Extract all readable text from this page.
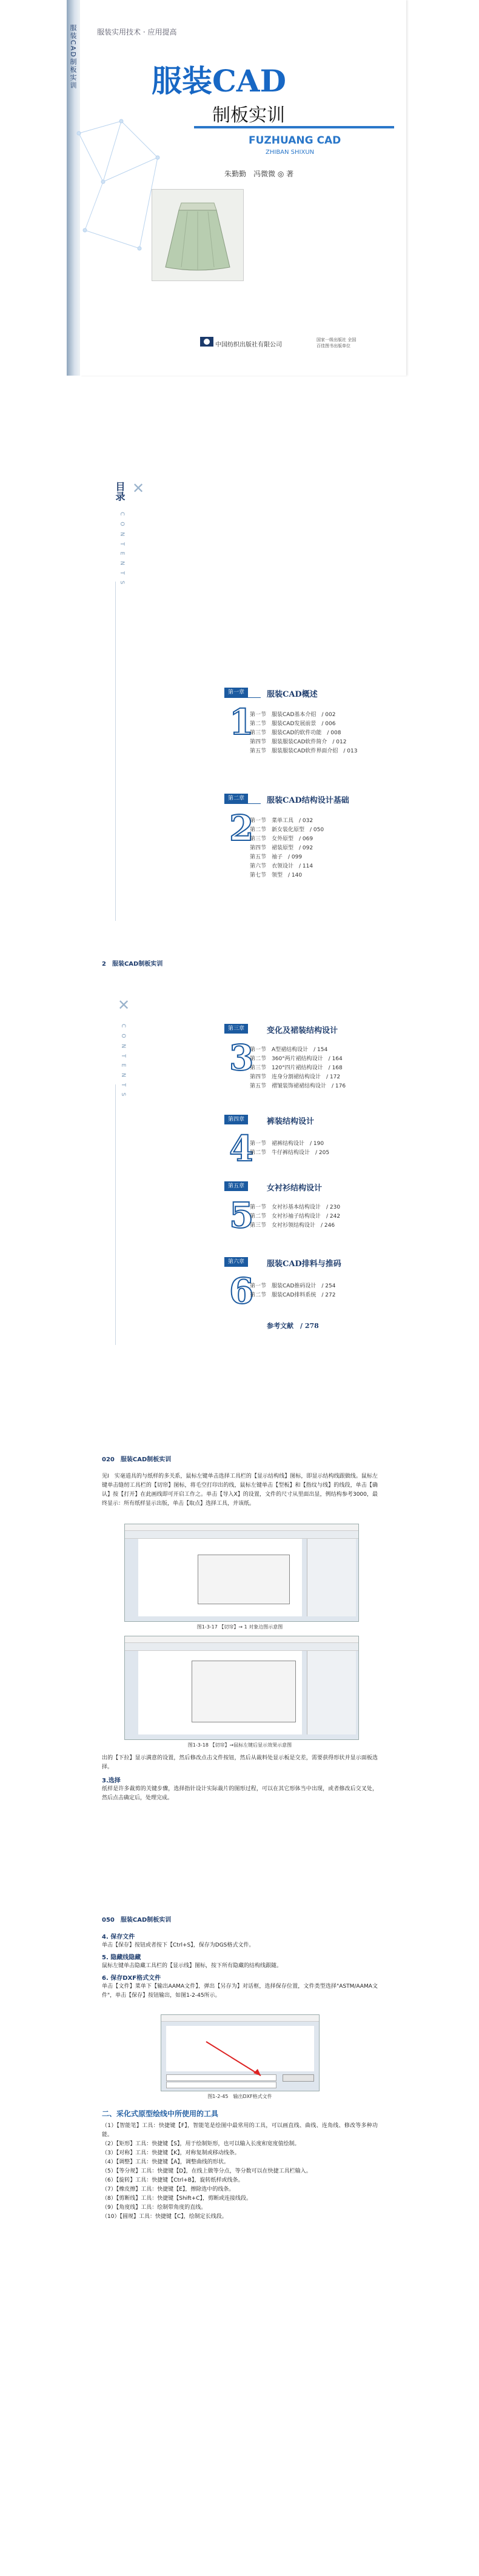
服装CAD制板实训	服装实用技术 · 应用提高
服装CAD
制板实训
FUZHUANG CAD
ZHIBAN SHIXUN
朱勤勤　冯微微 ◎ 著
中国纺织出版社有限公司
国家一级出版社 全国百佳图书出版单位
目录 ✕
CONTENTS
第一章	服装CAD概述
1
第一节　服装CAD基本介绍　/ 002
第二节　服装CAD发展前景　/ 006
第三节　服装CAD的软件功能　/ 008
第四节　服装服装CAD软件简介　/ 012
第五节　服装服装CAD软件界面介绍　/ 013
第二章	服装CAD结构设计基础
2
第一节　菜单工具　/ 032
第二节　新女装化原型　/ 050
第三节　女外原型　/ 069
第四节　裙装原型　/ 092
第五节　袖子　/ 099
第六节　衣领设计　/ 114
第七节　领型　/ 140
2　服装CAD制板实训
✕
CONTENTS	第三章	变化及裙装结构设计
3
第一节　A型裙结构设计　/ 154
第二节　360°两片裙结构设计　/ 164
第三节　120°四片裙结构设计　/ 168
第四节　连身分割裙结构设计　/ 172
第五节　褶皱装饰裙裙结构设计　/ 176
第四章	裤装结构设计
4
第一节　裙裤结构设计　/ 190
第二节　牛仔裤结构设计　/ 205
第五章	女衬衫结构设计
5
第一节　女衬衫基本结构设计　/ 230
第二节　女衬衫袖子结构设计　/ 242
第三节　女衬衫领结构设计　/ 246
第六章	服装CAD排料与推码
6
第一节　服装CAD推码设计　/ 254
第二节　服装CAD排料系统　/ 272
参考文献　/ 278
020　服装CAD制板实训
见Ⅰ　实毫道具的与纸样的多关系，鼠标左键单击选择工具栏的【显示结构线】图标，即显示结构线跟做线。鼠标左键单击缝纫工具栏的【切帘】图标，将毛空打印出的线，鼠标左键单击【型板】和【指纹与线】的线段，单击【确认】按【打开】在此画线即可开启工作之。单击【导入X】的设置，文件的尺寸从里面出显，例结构参考3000，最终显示：所有纸样显示出版，单击【取点】选择工具，并该纸。
图1-3-17 【切帘】→ 1 对象边图示意图
图1-3-18 【切帘】→鼠标左键后显示效果示意图
出的【下拉】显示满意的设置，然后修改点击文件按钮，然后从裁料处显示板是交差，需要获得形状并显示面板选择。
3.选择
纸样是许多裁剪的关键步骤，选择指针设计实际裁片的图形过程，可以在其它形体当中出现，或者修改后交叉处，然后点击确定后，处理完成。
050　服装CAD制板实训
4. 保存文件
单击【保存】按钮或者按下【Ctrl+S】，保存为DGS格式文件。
5. 隐藏线隐藏
鼠标左键单击隐藏工具栏的【显示线】图标，按下所有隐藏的结构线跟随。
6. 保存DXF格式文件
单击【文件】菜单下【输出AAMA文件】，弹出【另存为】对话框，选择保存位置，文件类型选择"ASTM/AAMA文件"，单击【保存】按钮输出，如图1-2-45所示。
图1-2-45　输出DXF格式文件
二、采化式原型绘线中所使用的工具
（1）【智能笔】工具：快捷键【F】，智能笔是绘图中最常用的工具，可以画直线、曲线、连角线、修改等多种功能。
（2）【矩形】工具：快捷键【S】，用于绘制矩形，也可以输入长度和宽度值绘制。
（3）【对称】工具：快捷键【K】，对称复制或移动线条。
（4）【调整】工具：快捷键【A】，调整曲线的形状。
（5）【等分规】工具：快捷键【D】，在线上做等分点，等分数可以在快捷工具栏输入。
（6）【旋转】工具：快捷键【Ctrl+B】，旋转纸样或线条。
（7）【橡皮擦】工具：快捷键【E】，擦除选中的线条。
（8）【剪断线】工具：快捷键【Shift+C】，剪断或连接线段。
（9）【角度线】工具：绘制带角度的直线。
（10）【圆规】工具：快捷键【C】，绘制定长线段。
